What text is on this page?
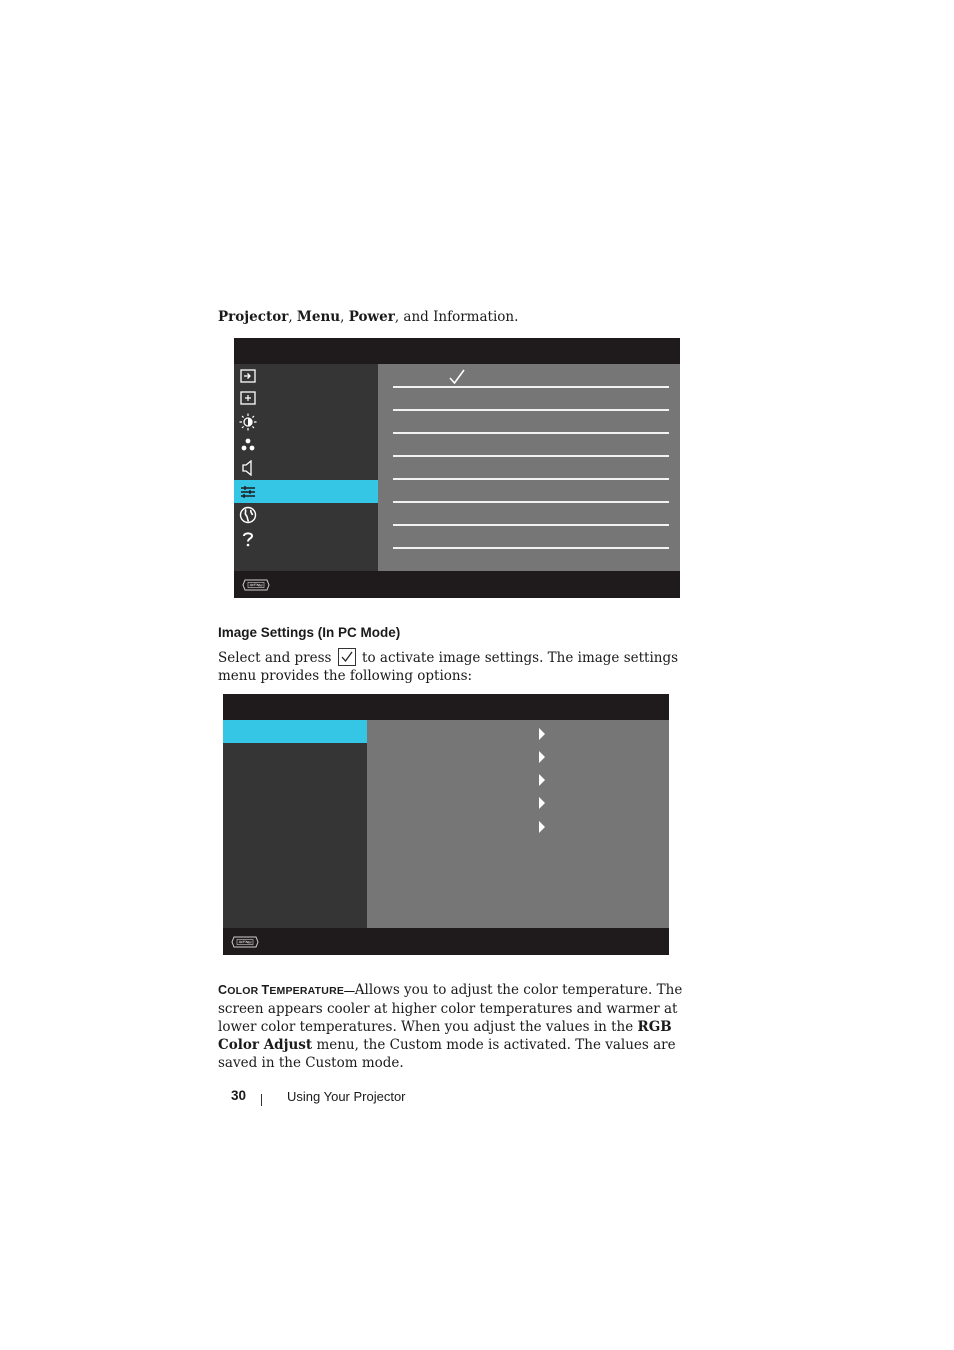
Projector, Menu, Power, and Information.
Image Settings (In PC Mode)
Select and press to activate image settings. The image settings menu provides the following options:
COLOR TEMPERATURE—Allows you to adjust the color temperature. The screen appears cooler at higher color temperatures and warmer at lower color temperatures. When you adjust the values in the RGB Color Adjust menu, the Custom mode is activated. The values are saved in the Custom mode.
30	Using Your Projector
